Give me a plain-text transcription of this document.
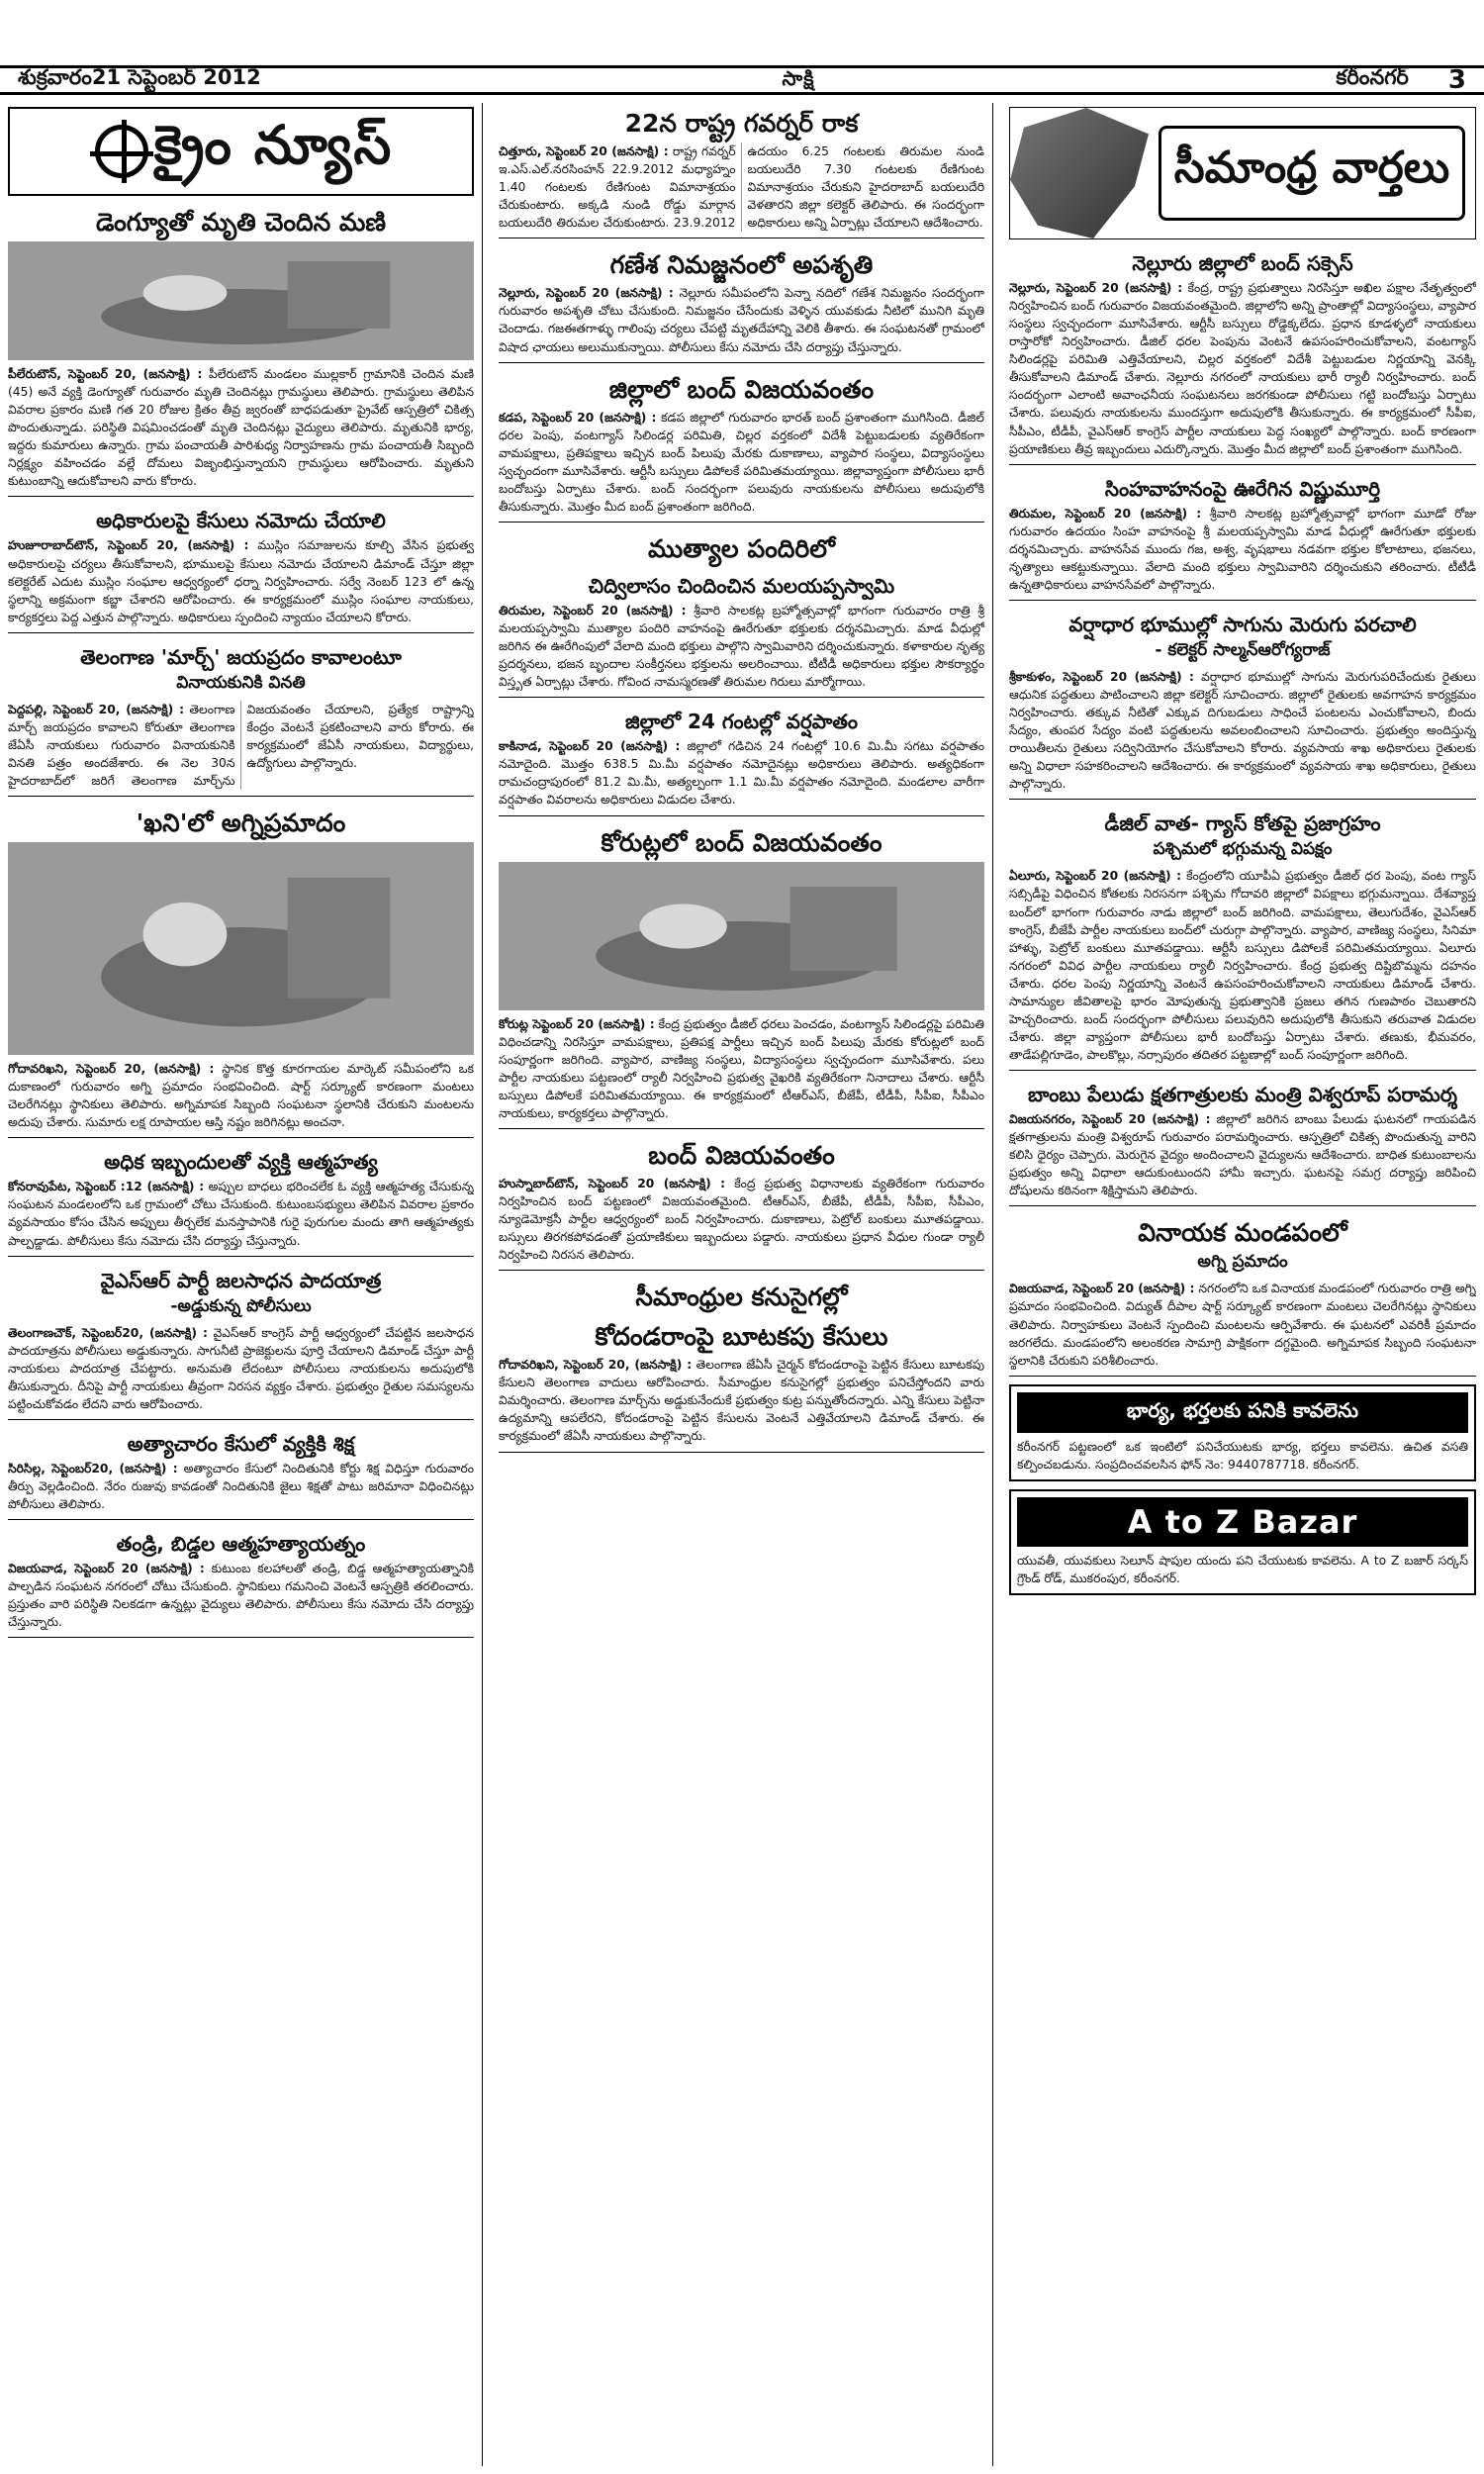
శుక్రవారం21 సెప్టెంబర్ 2012	సాక్షి	కరీంనగర్ 3
క్రైం న్యూస్
డెంగ్యూతో మృతి చెందిన మణి
పీలేరుటౌన్, సెప్టెంబర్ 20, (జనసాక్షి) : పీలేరుటౌన్ మండలం ముల్లకార్ గ్రామానికి చెందిన మణి (45) అనే వ్యక్తి డెంగ్యూతో గురువారం మృతి చెందినట్లు గ్రామస్థులు తెలిపారు. గ్రామస్థులు తెలిపిన వివరాల ప్రకారం మణి గత 20 రోజుల క్రితం తీవ్ర జ్వరంతో బాధపడుతూ ప్రైవేట్ ఆస్పత్రిలో చికిత్స పొందుతున్నాడు. పరిస్థితి విషమించడంతో మృతి చెందినట్లు వైద్యులు తెలిపారు. మృతునికి భార్య, ఇద్దరు కుమారులు ఉన్నారు. గ్రామ పంచాయతీ పారిశుధ్య నిర్వాహణను గ్రామ పంచాయతీ సిబ్బంది నిర్లక్ష్యం వహించడం వల్లే దోమలు విజృంభిస్తున్నాయని గ్రామస్థులు ఆరోపించారు. మృతుని కుటుంబాన్ని ఆదుకోవాలని వారు కోరారు.
అధికారులపై కేసులు నమోదు చేయాలి
హుజూరాబాద్‌టౌన్‌, సెప్టెంబర్‌ 20, (జనసాక్షి) : ముస్లిం సమాజులను కూల్చి వేసిన ప్రభుత్వ అధికారులపై చర్యలు తీసుకోవాలని, భూములపై కేసులు నమోదు చేయాలని డిమాండ్ చేస్తూ జిల్లా కలెక్టరేట్ ఎదుట ముస్లిం సంఘాల ఆధ్వర్యంలో ధర్నా నిర్వహించారు. సర్వే నెంబర్ 123 లో ఉన్న స్థలాన్ని అక్రమంగా కబ్జా చేశారని ఆరోపించారు. ఈ కార్యక్రమంలో ముస్లిం సంఘాల నాయకులు, కార్యకర్తలు పెద్ద ఎత్తున పాల్గొన్నారు. అధికారులు స్పందించి న్యాయం చేయాలని కోరారు.
తెలంగాణ 'మార్చ్' జయప్రదం కావాలంటూ
వినాయకునికి వినతి
పెద్దపల్లి, సెప్టెంబర్ 20, (జనసాక్షి) : తెలంగాణ మార్చ్ జయప్రదం కావాలని కోరుతూ తెలంగాణ జేఏసీ నాయకులు గురువారం వినాయకునికి వినతి పత్రం అందజేశారు. ఈ నెల 30న హైదరాబాద్‌లో జరిగే తెలంగాణ మార్చ్‌ను విజయవంతం చేయాలని, ప్రత్యేక రాష్ట్రాన్ని కేంద్రం వెంటనే ప్రకటించాలని వారు కోరారు. ఈ కార్యక్రమంలో జేఏసీ నాయకులు, విద్యార్థులు, ఉద్యోగులు పాల్గొన్నారు.
'ఖని'లో అగ్నిప్రమాదం
గోదావరిఖని, సెప్టెంబర్ 20, (జనసాక్షి) : స్థానిక కొత్త కూరగాయల మార్కెట్ సమీపంలోని ఒక దుకాణంలో గురువారం అగ్ని ప్రమాదం సంభవించింది. షార్ట్ సర్క్యూట్ కారణంగా మంటలు చెలరేగినట్లు స్థానికులు తెలిపారు. అగ్నిమాపక సిబ్బంది సంఘటనా స్థలానికి చేరుకుని మంటలను అదుపు చేశారు. సుమారు లక్ష రూపాయల ఆస్తి నష్టం జరిగినట్లు అంచనా.
అధిక ఇబ్బందులతో వ్యక్తి ఆత్మహత్య
కోనరావుపేట, సెప్టెంబర్ :12 (జనసాక్షి) : అప్పుల బాధలు భరించలేక ఓ వ్యక్తి ఆత్మహత్య చేసుకున్న సంఘటన మండలంలోని ఒక గ్రామంలో చోటు చేసుకుంది. కుటుంబసభ్యులు తెలిపిన వివరాల ప్రకారం వ్యవసాయం కోసం చేసిన అప్పులు తీర్చలేక మనస్తాపానికి గురై పురుగుల మందు తాగి ఆత్మహత్యకు పాల్పడ్డాడు. పోలీసులు కేసు నమోదు చేసి దర్యాప్తు చేస్తున్నారు.
వైఎస్ఆర్ పార్టీ జలసాధన పాదయాత్ర
-అడ్డుకున్న పోలీసులు
తెలంగాణచౌక్, సెప్టెంబర్20, (జనసాక్షి) : వైఎస్ఆర్ కాంగ్రెస్ పార్టీ ఆధ్వర్యంలో చేపట్టిన జలసాధన పాదయాత్రను పోలీసులు అడ్డుకున్నారు. సాగునీటి ప్రాజెక్టులను పూర్తి చేయాలని డిమాండ్ చేస్తూ పార్టీ నాయకులు పాదయాత్ర చేపట్టారు. అనుమతి లేదంటూ పోలీసులు నాయకులను అదుపులోకి తీసుకున్నారు. దీనిపై పార్టీ నాయకులు తీవ్రంగా నిరసన వ్యక్తం చేశారు. ప్రభుత్వం రైతుల సమస్యలను పట్టించుకోవడం లేదని వారు ఆరోపించారు.
అత్యాచారం కేసులో వ్యక్తికి శిక్ష
సిరిసిల్ల, సెప్టెంబర్20, (జనసాక్షి) : అత్యాచారం కేసులో నిందితునికి కోర్టు శిక్ష విధిస్తూ గురువారం తీర్పు వెల్లడించింది. నేరం రుజువు కావడంతో నిందితునికి జైలు శిక్షతో పాటు జరిమానా విధించినట్లు పోలీసులు తెలిపారు.
తండ్రి, బిడ్డల ఆత్మహత్యాయత్నం
విజయవాడ, సెప్టెంబర్ 20 (జనసాక్షి) : కుటుంబ కలహాలతో తండ్రి, బిడ్డ ఆత్మహత్యాయత్నానికి పాల్పడిన సంఘటన నగరంలో చోటు చేసుకుంది. స్థానికులు గమనించి వెంటనే ఆస్పత్రికి తరలించారు. ప్రస్తుతం వారి పరిస్థితి నిలకడగా ఉన్నట్లు వైద్యులు తెలిపారు. పోలీసులు కేసు నమోదు చేసి దర్యాప్తు చేస్తున్నారు.
22న రాష్ట్ర గవర్నర్ రాక
చిత్తూరు, సెప్టెంబర్ 20 (జనసాక్షి) : రాష్ట్ర గవర్నర్ ఇ.ఎస్.ఎల్.నరసింహన్ 22.9.2012 మధ్యాహ్నం 1.40 గంటలకు రేణిగుంట విమానాశ్రయం చేరుకుంటారు. అక్కడి నుండి రోడ్డు మార్గాన బయలుదేరి తిరుమల చేరుకుంటారు. 23.9.2012 ఉదయం 6.25 గంటలకు తిరుమల నుండి బయలుదేరి 7.30 గంటలకు రేణిగుంట విమానాశ్రయం చేరుకుని హైదరాబాద్ బయలుదేరి వెళతారని జిల్లా కలెక్టర్ తెలిపారు. ఈ సందర్భంగా అధికారులు అన్ని ఏర్పాట్లు చేయాలని ఆదేశించారు.
గణేశ నిమజ్జనంలో అపశృతి
నెల్లూరు, సెప్టెంబర్ 20 (జనసాక్షి) : నెల్లూరు సమీపంలోని పెన్నా నదిలో గణేశ నిమజ్జనం సందర్భంగా గురువారం అపశృతి చోటు చేసుకుంది. నిమజ్జనం చేసేందుకు వెళ్ళిన యువకుడు నీటిలో మునిగి మృతి చెందాడు. గజఈతగాళ్ళు గాలింపు చర్యలు చేపట్టి మృతదేహాన్ని వెలికి తీశారు. ఈ సంఘటనతో గ్రామంలో విషాద ఛాయలు అలుముకున్నాయి. పోలీసులు కేసు నమోదు చేసి దర్యాప్తు చేస్తున్నారు.
జిల్లాలో బంద్ విజయవంతం
కడప, సెప్టెంబర్ 20 (జనసాక్షి) : కడప జిల్లాలో గురువారం భారత్ బంద్ ప్రశాంతంగా ముగిసింది. డీజిల్ ధరల పెంపు, వంటగ్యాస్ సిలిండర్ల పరిమితి, చిల్లర వర్తకంలో విదేశీ పెట్టుబడులకు వ్యతిరేకంగా వామపక్షాలు, ప్రతిపక్షాలు ఇచ్చిన బంద్ పిలుపు మేరకు దుకాణాలు, వ్యాపార సంస్థలు, విద్యాసంస్థలు స్వచ్ఛందంగా మూసివేశారు. ఆర్టీసీ బస్సులు డిపోలకే పరిమితమయ్యాయి. జిల్లావ్యాప్తంగా పోలీసులు భారీ బందోబస్తు ఏర్పాటు చేశారు. బంద్ సందర్భంగా పలువురు నాయకులను పోలీసులు అదుపులోకి తీసుకున్నారు. మొత్తం మీద బంద్ ప్రశాంతంగా జరిగింది.
ముత్యాల పందిరిలో
చిద్విలాసం చిందించిన మలయప్పస్వామి
తిరుమల, సెప్టెంబర్ 20 (జనసాక్షి) : శ్రీవారి సాలకట్ల బ్రహ్మోత్సవాల్లో భాగంగా గురువారం రాత్రి శ్రీ మలయప్పస్వామి ముత్యాల పందిరి వాహనంపై ఊరేగుతూ భక్తులకు దర్శనమిచ్చారు. మాడ వీధుల్లో జరిగిన ఈ ఊరేగింపులో వేలాది మంది భక్తులు పాల్గొని స్వామివారిని దర్శించుకున్నారు. కళాకారుల నృత్య ప్రదర్శనలు, భజన బృందాల సంకీర్తనలు భక్తులను అలరించాయి. టీటీడీ అధికారులు భక్తుల సౌకర్యార్థం విస్తృత ఏర్పాట్లు చేశారు. గోవింద నామస్మరణతో తిరుమల గిరులు మార్మోగాయి.
జిల్లాలో 24 గంటల్లో వర్షపాతం
కాకినాడ, సెప్టెంబర్ 20 (జనసాక్షి) : జిల్లాలో గడిచిన 24 గంటల్లో 10.6 మి.మీ సగటు వర్షపాతం నమోదైంది. మొత్తం 638.5 మి.మీ వర్షపాతం నమోదైనట్లు అధికారులు తెలిపారు. అత్యధికంగా రామచంద్రాపురంలో 81.2 మి.మీ, అత్యల్పంగా 1.1 మి.మీ వర్షపాతం నమోదైంది. మండలాల వారీగా వర్షపాతం వివరాలను అధికారులు విడుదల చేశారు.
కోరుట్లలో బంద్ విజయవంతం
కోరుట్ల సెప్టెంబర్ 20 (జనసాక్షి) : కేంద్ర ప్రభుత్వం డీజిల్ ధరలు పెంచడం, వంటగ్యాస్ సిలిండర్లపై పరిమితి విధించడాన్ని నిరసిస్తూ వామపక్షాలు, ప్రతిపక్ష పార్టీలు ఇచ్చిన బంద్ పిలుపు మేరకు కోరుట్లలో బంద్ సంపూర్ణంగా జరిగింది. వ్యాపార, వాణిజ్య సంస్థలు, విద్యాసంస్థలు స్వచ్ఛందంగా మూసివేశారు. పలు పార్టీల నాయకులు పట్టణంలో ర్యాలీ నిర్వహించి ప్రభుత్వ వైఖరికి వ్యతిరేకంగా నినాదాలు చేశారు. ఆర్టీసీ బస్సులు డిపోలకే పరిమితమయ్యాయి. ఈ కార్యక్రమంలో టీఆర్ఎస్, బీజేపీ, టీడీపీ, సీపీఐ, సీపీఎం నాయకులు, కార్యకర్తలు పాల్గొన్నారు.
బంద్ విజయవంతం
హుస్నాబాద్‌టౌన్‌, సెప్టెంబర్ 20 (జనసాక్షి) : కేంద్ర ప్రభుత్వ విధానాలకు వ్యతిరేకంగా గురువారం నిర్వహించిన బంద్ పట్టణంలో విజయవంతమైంది. టీఆర్ఎస్, బీజేపీ, టీడీపీ, సీపీఐ, సీపీఎం, న్యూడెమోక్రసీ పార్టీల ఆధ్వర్యంలో బంద్ నిర్వహించారు. దుకాణాలు, పెట్రోల్ బంకులు మూతపడ్డాయి. బస్సులు తిరగకపోవడంతో ప్రయాణికులు ఇబ్బందులు పడ్డారు. నాయకులు ప్రధాన వీధుల గుండా ర్యాలీ నిర్వహించి నిరసన తెలిపారు.
సీమాంధ్రుల కనుసైగల్లో
కోదండరాంపై బూటకపు కేసులు
గోదావరిఖని, సెప్టెంబర్ 20, (జనసాక్షి) : తెలంగాణ జేఏసీ చైర్మన్ కోదండరాంపై పెట్టిన కేసులు బూటకపు కేసులని తెలంగాణ వాదులు ఆరోపించారు. సీమాంధ్రుల కనుసైగల్లో ప్రభుత్వం పనిచేస్తోందని వారు విమర్శించారు. తెలంగాణ మార్చ్‌ను అడ్డుకునేందుకే ప్రభుత్వం కుట్ర పన్నుతోందన్నారు. ఎన్ని కేసులు పెట్టినా ఉద్యమాన్ని ఆపలేరని, కోదండరాంపై పెట్టిన కేసులను వెంటనే ఎత్తివేయాలని డిమాండ్ చేశారు. ఈ కార్యక్రమంలో జేఏసీ నాయకులు పాల్గొన్నారు.
సీమాంధ్ర వార్తలు
నెల్లూరు జిల్లాలో బంద్ సక్సెస్
నెల్లూరు, సెప్టెంబర్ 20 (జనసాక్షి) : కేంద్ర, రాష్ట్ర ప్రభుత్వాలు నిరసిస్తూ అఖిల పక్షాల నేతృత్వంలో నిర్వహించిన బంద్ గురువారం విజయవంతమైంది. జిల్లాలోని అన్ని ప్రాంతాల్లో విద్యాసంస్థలు, వ్యాపార సంస్థలు స్వచ్ఛందంగా మూసివేశారు. ఆర్టీసీ బస్సులు రోడ్డెక్కలేదు. ప్రధాన కూడళ్ళలో నాయకులు రాస్తారోకో నిర్వహించారు. డీజిల్ ధరల పెంపును వెంటనే ఉపసంహరించుకోవాలని, వంటగ్యాస్ సిలిండర్లపై పరిమితి ఎత్తివేయాలని, చిల్లర వర్తకంలో విదేశీ పెట్టుబడుల నిర్ణయాన్ని వెనక్కి తీసుకోవాలని డిమాండ్ చేశారు. నెల్లూరు నగరంలో నాయకులు భారీ ర్యాలీ నిర్వహించారు. బంద్ సందర్భంగా ఎలాంటి అవాంఛనీయ సంఘటనలు జరగకుండా పోలీసులు గట్టి బందోబస్తు ఏర్పాటు చేశారు. పలువురు నాయకులను ముందస్తుగా అదుపులోకి తీసుకున్నారు. ఈ కార్యక్రమంలో సీపీఐ, సీపీఎం, టీడీపీ, వైఎస్ఆర్ కాంగ్రెస్ పార్టీల నాయకులు పెద్ద సంఖ్యలో పాల్గొన్నారు. బంద్ కారణంగా ప్రయాణికులు తీవ్ర ఇబ్బందులు ఎదుర్కొన్నారు. మొత్తం మీద జిల్లాలో బంద్ ప్రశాంతంగా ముగిసింది.
సింహవాహనంపై ఊరేగిన విష్ణుమూర్తి
తిరుమల, సెప్టెంబర్ 20 (జనసాక్షి) : శ్రీవారి సాలకట్ల బ్రహ్మోత్సవాల్లో భాగంగా మూడో రోజు గురువారం ఉదయం సింహ వాహనంపై శ్రీ మలయప్పస్వామి మాడ వీధుల్లో ఊరేగుతూ భక్తులకు దర్శనమిచ్చారు. వాహనసేవ ముందు గజ, అశ్వ, వృషభాలు నడవగా భక్తుల కోలాటాలు, భజనలు, నృత్యాలు ఆకట్టుకున్నాయి. వేలాది మంది భక్తులు స్వామివారిని దర్శించుకుని తరించారు. టీటీడీ ఉన్నతాధికారులు వాహనసేవలో పాల్గొన్నారు.
వర్షాధార భూముల్లో సాగును మెరుగు పరచాలి
- కలెక్టర్ సాల్మన్‌ఆరోగ్యరాజ్
శ్రీకాకుళం, సెప్టెంబర్ 20 (జనసాక్షి) : వర్షాధార భూముల్లో సాగును మెరుగుపరిచేందుకు రైతులు ఆధునిక పద్ధతులు పాటించాలని జిల్లా కలెక్టర్ సూచించారు. జిల్లాలో రైతులకు అవగాహన కార్యక్రమం నిర్వహించారు. తక్కువ నీటితో ఎక్కువ దిగుబడులు సాధించే పంటలను ఎంచుకోవాలని, బిందు సేద్యం, తుంపర సేద్యం వంటి పద్ధతులను అవలంబించాలని సూచించారు. ప్రభుత్వం అందిస్తున్న రాయితీలను రైతులు సద్వినియోగం చేసుకోవాలని కోరారు. వ్యవసాయ శాఖ అధికారులు రైతులకు అన్ని విధాలా సహకరించాలని ఆదేశించారు. ఈ కార్యక్రమంలో వ్యవసాయ శాఖ అధికారులు, రైతులు పాల్గొన్నారు.
డీజిల్ వాత- గ్యాస్ కోతపై ప్రజాగ్రహం
పశ్చిమలో భగ్గుమన్న విపక్షం
ఏలూరు, సెప్టెంబర్ 20 (జనసాక్షి) : కేంద్రంలోని యూపీఏ ప్రభుత్వం డీజిల్ ధర పెంపు, వంట గ్యాస్ సబ్సిడీపై విధించిన కోతలకు నిరసనగా పశ్చిమ గోదావరి జిల్లాలో విపక్షాలు భగ్గుమన్నాయి. దేశవ్యాప్త బంద్‌లో భాగంగా గురువారం నాడు జిల్లాలో బంద్ జరిగింది. వామపక్షాలు, తెలుగుదేశం, వైఎస్ఆర్ కాంగ్రెస్, బీజేపీ పార్టీల నాయకులు బంద్‌లో చురుగ్గా పాల్గొన్నారు. వ్యాపార, వాణిజ్య సంస్థలు, సినిమా హాళ్ళు, పెట్రోల్ బంకులు మూతపడ్డాయి. ఆర్టీసీ బస్సులు డిపోలకే పరిమితమయ్యాయి. ఏలూరు నగరంలో వివిధ పార్టీల నాయకులు ర్యాలీ నిర్వహించారు. కేంద్ర ప్రభుత్వ దిష్టిబొమ్మను దహనం చేశారు. ధరల పెంపు నిర్ణయాన్ని వెంటనే ఉపసంహరించుకోవాలని నాయకులు డిమాండ్ చేశారు. సామాన్యుల జీవితాలపై భారం మోపుతున్న ప్రభుత్వానికి ప్రజలు తగిన గుణపాఠం చెబుతారని హెచ్చరించారు. బంద్ సందర్భంగా పోలీసులు పలువురిని అదుపులోకి తీసుకుని తరువాత విడుదల చేశారు. జిల్లా వ్యాప్తంగా పోలీసులు భారీ బందోబస్తు ఏర్పాటు చేశారు. తణుకు, భీమవరం, తాడేపల్లిగూడెం, పాలకొల్లు, నర్సాపురం తదితర పట్టణాల్లో బంద్ సంపూర్ణంగా జరిగింది.
బాంబు పేలుడు క్షతగాత్రులకు మంత్రి విశ్వరూప్ పరామర్శ
విజయనగరం, సెప్టెంబర్ 20 (జనసాక్షి) : జిల్లాలో జరిగిన బాంబు పేలుడు ఘటనలో గాయపడిన క్షతగాత్రులను మంత్రి విశ్వరూప్ గురువారం పరామర్శించారు. ఆస్పత్రిలో చికిత్స పొందుతున్న వారిని కలిసి ధైర్యం చెప్పారు. మెరుగైన వైద్యం అందించాలని వైద్యులను ఆదేశించారు. బాధిత కుటుంబాలను ప్రభుత్వం అన్ని విధాలా ఆదుకుంటుందని హామీ ఇచ్చారు. ఘటనపై సమగ్ర దర్యాప్తు జరిపించి దోషులను కఠినంగా శిక్షిస్తామని తెలిపారు.
వినాయక మండపంలో
అగ్ని ప్రమాదం
విజయవాడ, సెప్టెంబర్ 20 (జనసాక్షి) : నగరంలోని ఒక వినాయక మండపంలో గురువారం రాత్రి అగ్ని ప్రమాదం సంభవించింది. విద్యుత్ దీపాల షార్ట్ సర్క్యూట్ కారణంగా మంటలు చెలరేగినట్లు స్థానికులు తెలిపారు. నిర్వాహకులు వెంటనే స్పందించి మంటలను ఆర్పివేశారు. ఈ ఘటనలో ఎవరికీ ప్రమాదం జరగలేదు. మండపంలోని అలంకరణ సామాగ్రి పాక్షికంగా దగ్ధమైంది. అగ్నిమాపక సిబ్బంది సంఘటనా స్థలానికి చేరుకుని పరిశీలించారు.
భార్య, భర్తలకు పనికి కావలెను
కరీంనగర్ పట్టణంలో ఒక ఇంటిలో పనిచేయుటకు భార్య, భర్తలు కావలెను. ఉచిత వసతి కల్పించబడును. సంప్రదించవలసిన ఫోన్ నెం: 9440787718. కరీంనగర్.
A to Z Bazar
యువతీ, యువకులు సెలూన్ షాపుల యందు పని చేయుటకు కావలెను. A to Z బజార్ సర్కస్ గ్రౌండ్ రోడ్, ముకరంపుర, కరీంనగర్.
